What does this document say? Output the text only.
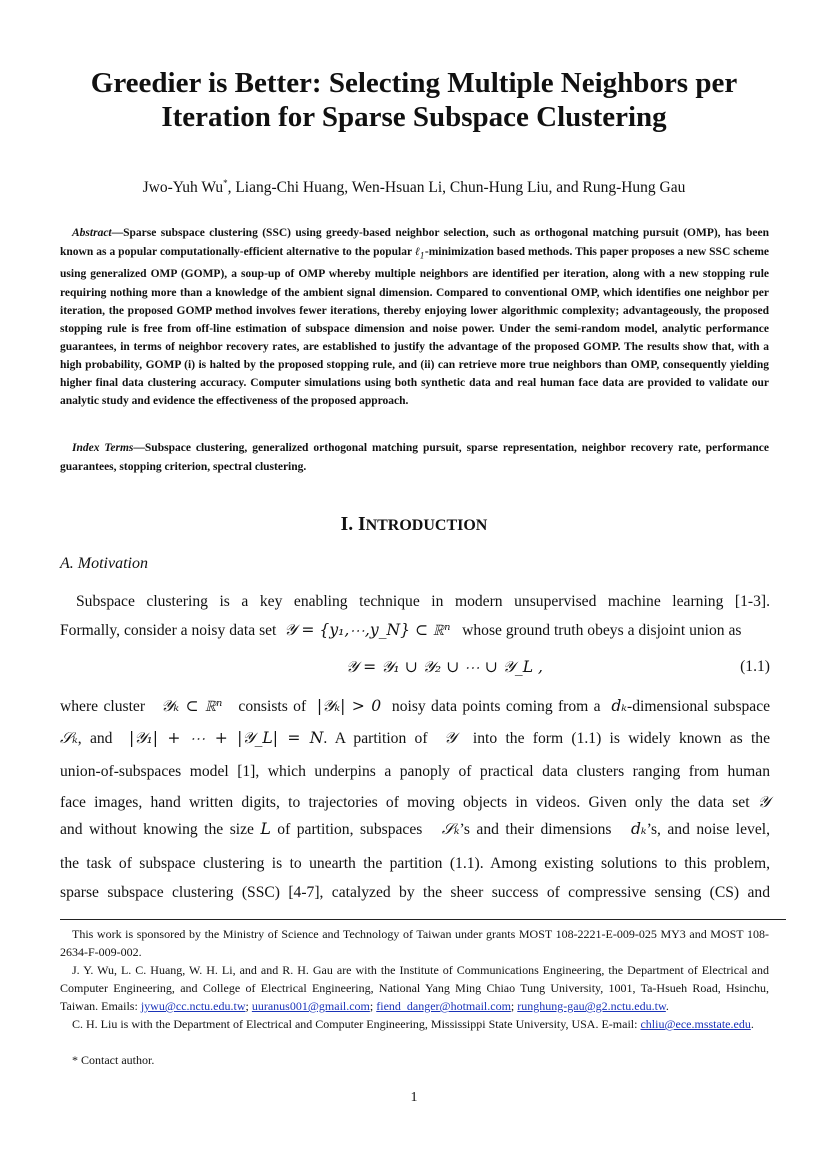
Greedier is Better: Selecting Multiple Neighbors per
Iteration for Sparse Subspace Clustering
Jwo-Yuh Wu*, Liang-Chi Huang, Wen-Hsuan Li, Chun-Hung Liu, and Rung-Hung Gau
Abstract—Sparse subspace clustering (SSC) using greedy-based neighbor selection, such as orthogonal matching pursuit (OMP), has been known as a popular computationally-efficient alternative to the popular ℓ$_1$-minimization based methods. This paper proposes a new SSC scheme using generalized OMP (GOMP), a soup-up of OMP whereby multiple neighbors are identified per iteration, along with a new stopping rule requiring nothing more than a knowledge of the ambient signal dimension. Compared to conventional OMP, which identifies one neighbor per iteration, the proposed GOMP method involves fewer iterations, thereby enjoying lower algorithmic complexity; advantageously, the proposed stopping rule is free from off-line estimation of subspace dimension and noise power. Under the semi-random model, analytic performance guarantees, in terms of neighbor recovery rates, are established to justify the advantage of the proposed GOMP. The results show that, with a high probability, GOMP (i) is halted by the proposed stopping rule, and (ii) can retrieve more true neighbors than OMP, consequently yielding higher final data clustering accuracy. Computer simulations using both synthetic data and real human face data are provided to validate our analytic study and evidence the effectiveness of the proposed approach.
Index Terms—Subspace clustering, generalized orthogonal matching pursuit, sparse representation, neighbor recovery rate, performance guarantees, stopping criterion, spectral clustering.
I. INTRODUCTION
A. Motivation
Subspace clustering is a key enabling technique in modern unsupervised machine learning [1-3].
Formally, consider a noisy data set 𝒴 = {y₁,⋯,y_N} ⊂ ℝⁿ whose ground truth obeys a disjoint union as
𝒴 = 𝒴₁ ∪ 𝒴₂ ∪ ⋯ ∪ 𝒴_L ,	(1.1)
where cluster 𝒴ₖ ⊂ ℝⁿ consists of |𝒴ₖ| > 0 noisy data points coming from a dₖ-dimensional subspace
𝒮ₖ, and |𝒴₁| + ⋯ + |𝒴_L| = N. A partition of 𝒴 into the form (1.1) is widely known as the
union-of-subspaces model [1], which underpins a panoply of practical data clusters ranging from human
face images, hand written digits, to trajectories of moving objects in videos. Given only the data set 𝒴
and without knowing the size L of partition, subspaces 𝒮ₖ’s and their dimensions dₖ’s, and noise level,
the task of subspace clustering is to unearth the partition (1.1). Among existing solutions to this problem,
sparse subspace clustering (SSC) [4-7], catalyzed by the sheer success of compressive sensing (CS) and
This work is sponsored by the Ministry of Science and Technology of Taiwan under grants MOST 108-2221-E-009-025 MY3 and MOST 108-2634-F-009-002.
J. Y. Wu, L. C. Huang, W. H. Li, and and R. H. Gau are with the Institute of Communications Engineering, the Department of Electrical and Computer Engineering, and College of Electrical Engineering, National Yang Ming Chiao Tung University, 1001, Ta-Hsueh Road, Hsinchu, Taiwan. Emails: jywu@cc.nctu.edu.tw; uuranus001@gmail.com; fiend_danger@hotmail.com; runghung-gau@g2.nctu.edu.tw.
C. H. Liu is with the Department of Electrical and Computer Engineering, Mississippi State University, USA. E-mail: chliu@ece.msstate.edu.
* Contact author.
1
